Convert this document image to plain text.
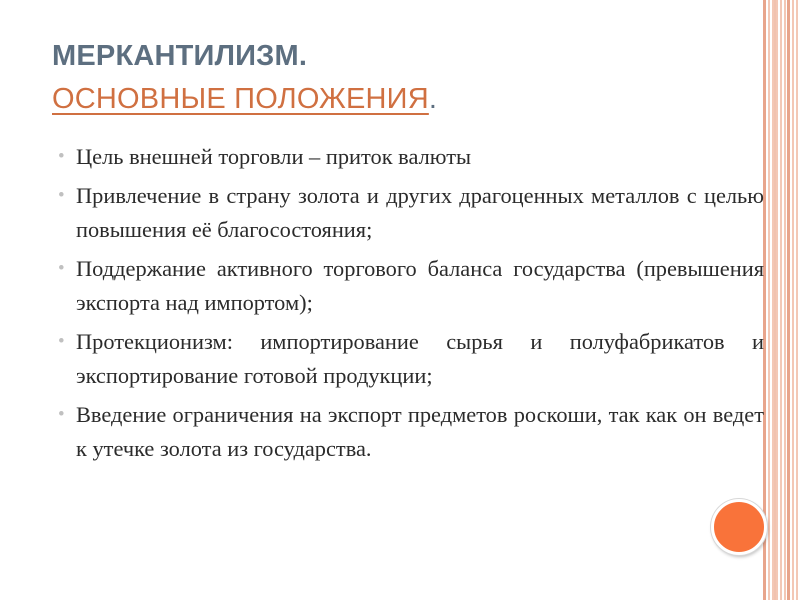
МЕРКАНТИЛИЗМ.
ОСНОВНЫЕ ПОЛОЖЕНИЯ.
• Цель внешней торговли – приток валюты
• Привлечение в страну золота и других драгоценных металлов с целью повышения её благосостояния;
• Поддержание активного торгового баланса государства (превышения экспорта над импортом);
• Протекционизм: импортирование сырья и полуфабрикатов и экспортирование готовой продукции;
• Введение ограничения на экспорт предметов роскоши, так как он ведет к утечке золота из государства.
